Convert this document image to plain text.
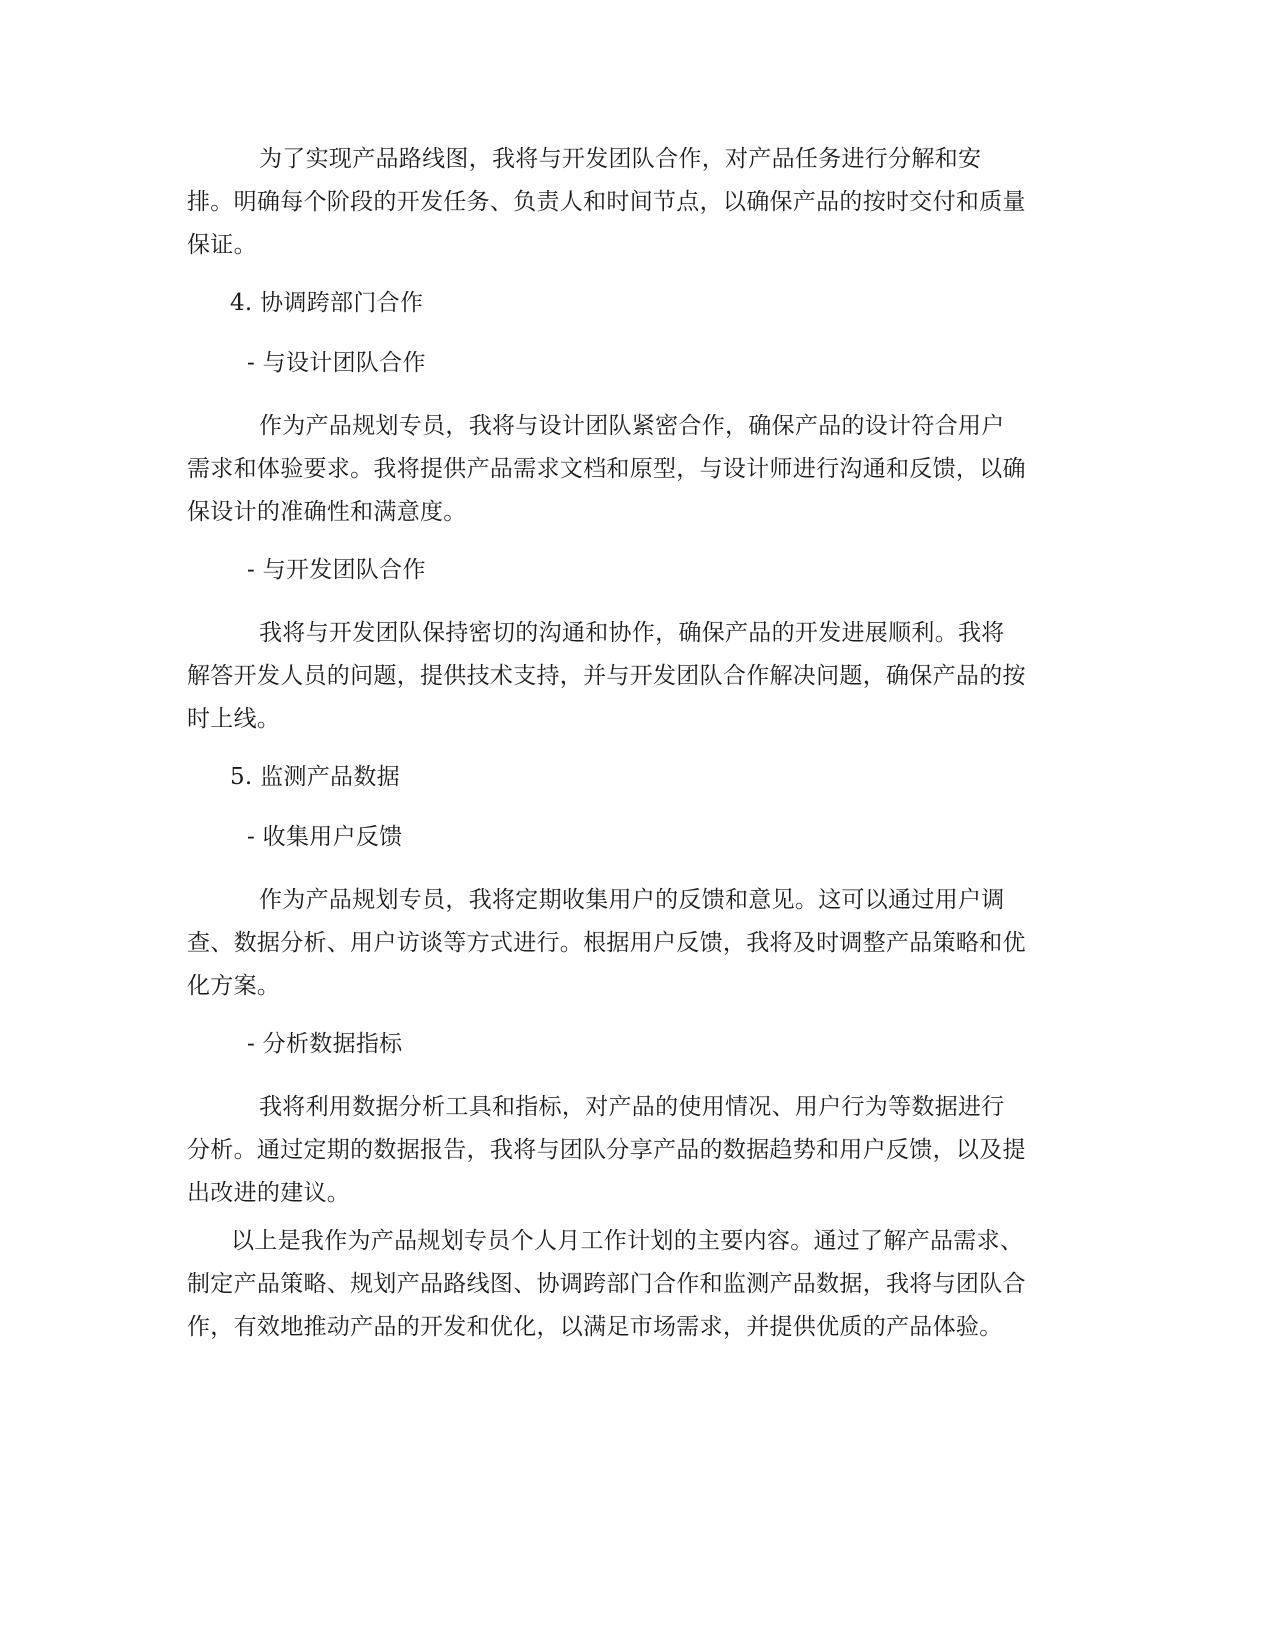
为了实现产品路线图，我将与开发团队合作，对产品任务进行分解和安
排。明确每个阶段的开发任务、负责人和时间节点，以确保产品的按时交付和质量
保证。

4. 协调跨部门合作

- 与设计团队合作

作为产品规划专员，我将与设计团队紧密合作，确保产品的设计符合用户
需求和体验要求。我将提供产品需求文档和原型，与设计师进行沟通和反馈，以确
保设计的准确性和满意度。

- 与开发团队合作

我将与开发团队保持密切的沟通和协作，确保产品的开发进展顺利。我将
解答开发人员的问题，提供技术支持，并与开发团队合作解决问题，确保产品的按
时上线。

5. 监测产品数据

- 收集用户反馈

作为产品规划专员，我将定期收集用户的反馈和意见。这可以通过用户调
查、数据分析、用户访谈等方式进行。根据用户反馈，我将及时调整产品策略和优
化方案。

- 分析数据指标

我将利用数据分析工具和指标，对产品的使用情况、用户行为等数据进行
分析。通过定期的数据报告，我将与团队分享产品的数据趋势和用户反馈，以及提
出改进的建议。

以上是我作为产品规划专员个人月工作计划的主要内容。通过了解产品需求、
制定产品策略、规划产品路线图、协调跨部门合作和监测产品数据，我将与团队合
作，有效地推动产品的开发和优化，以满足市场需求，并提供优质的产品体验。
